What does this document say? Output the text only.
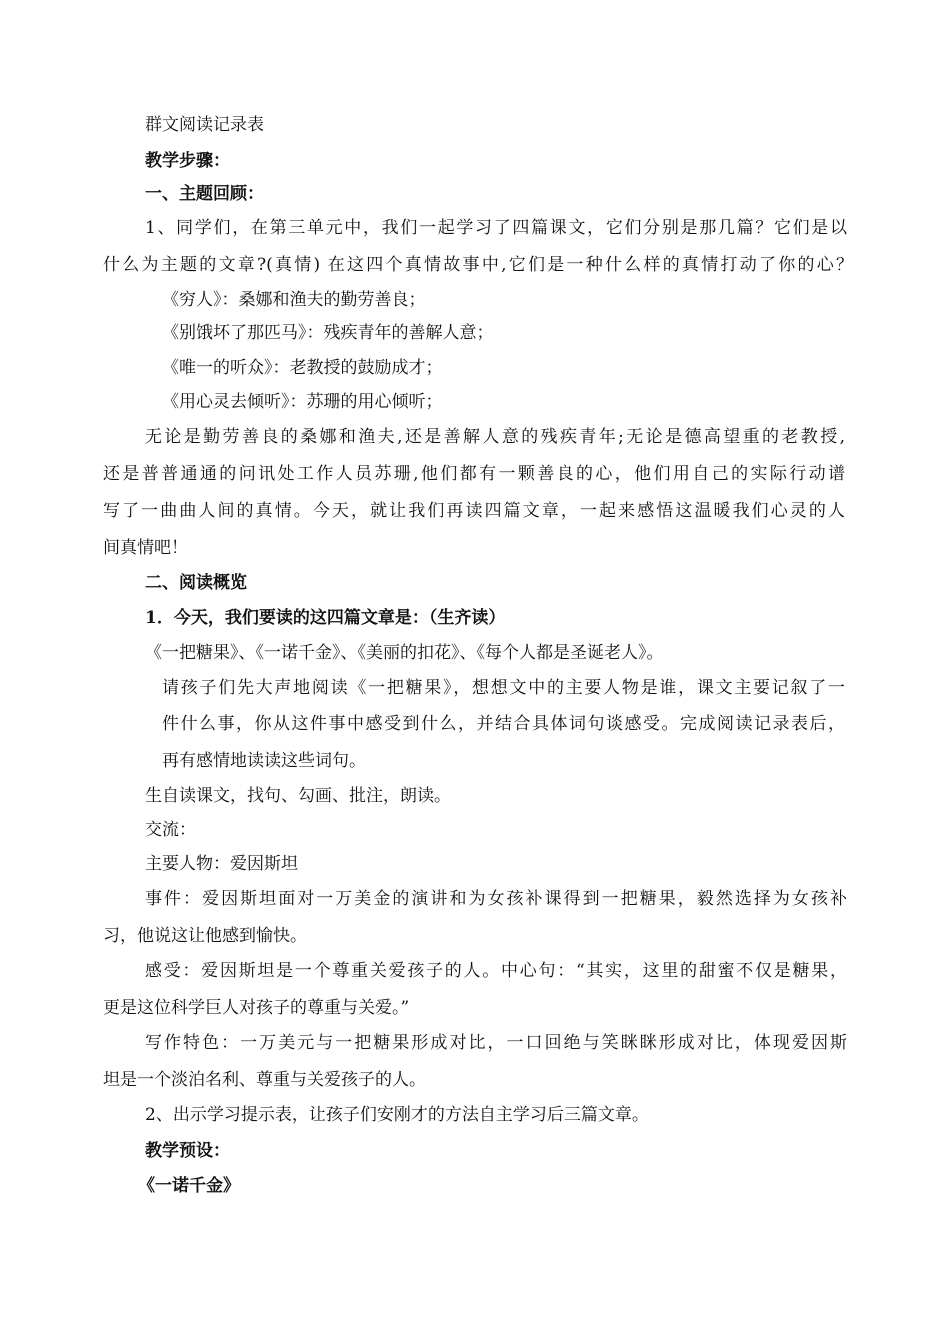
群文阅读记录表
教学步骤：
一、主题回顾：
1、同学们，在第三单元中，我们一起学习了四篇课文，它们分别是那几篇？它们是以
什么为主题的文章?(真情) 在这四个真情故事中,它们是一种什么样的真情打动了你的心？
《穷人》：桑娜和渔夫的勤劳善良；
《别饿坏了那匹马》：残疾青年的善解人意；
《唯一的听众》：老教授的鼓励成才；
《用心灵去倾听》：苏珊的用心倾听；
无论是勤劳善良的桑娜和渔夫,还是善解人意的残疾青年;无论是德高望重的老教授,
还是普普通通的问讯处工作人员苏珊,他们都有一颗善良的心，他们用自己的实际行动谱
写了一曲曲人间的真情。今天，就让我们再读四篇文章，一起来感悟这温暖我们心灵的人
间真情吧！
二、阅读概览
1．今天，我们要读的这四篇文章是：（生齐读）
《一把糖果》、《一诺千金》、《美丽的扣花》、《每个人都是圣诞老人》。
请孩子们先大声地阅读《一把糖果》，想想文中的主要人物是谁，课文主要记叙了一
件什么事，你从这件事中感受到什么，并结合具体词句谈感受。完成阅读记录表后，
再有感情地读读这些词句。
生自读课文，找句、勾画、批注，朗读。
交流：
主要人物：爱因斯坦
事件：爱因斯坦面对一万美金的演讲和为女孩补课得到一把糖果，毅然选择为女孩补
习，他说这让他感到愉快。
感受：爱因斯坦是一个尊重关爱孩子的人。中心句：“其实，这里的甜蜜不仅是糖果，
更是这位科学巨人对孩子的尊重与关爱。”
写作特色：一万美元与一把糖果形成对比，一口回绝与笑眯眯形成对比，体现爱因斯
坦是一个淡泊名利、尊重与关爱孩子的人。
2、出示学习提示表，让孩子们安刚才的方法自主学习后三篇文章。
教学预设：
《一诺千金》
